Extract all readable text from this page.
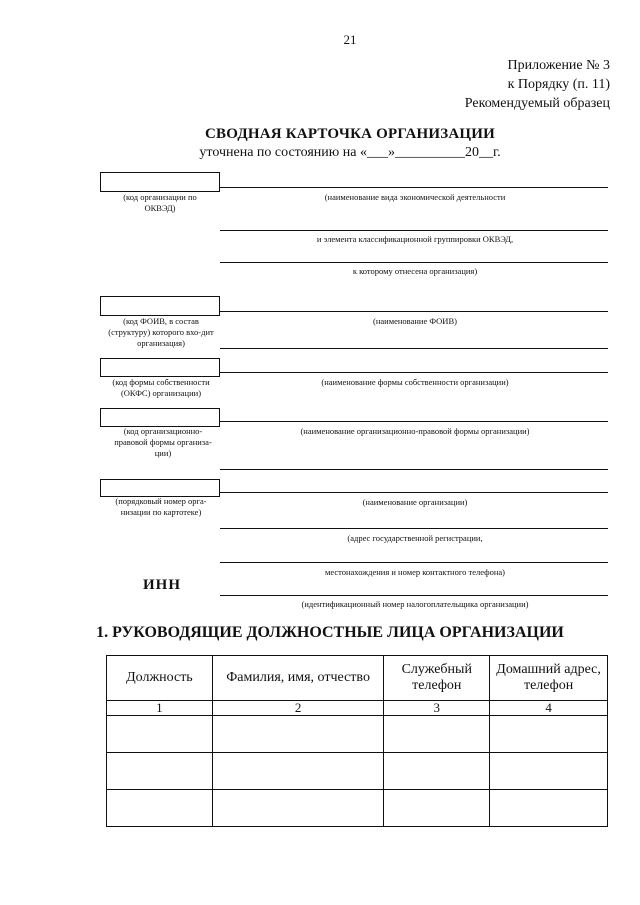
21
Приложение № 3
к Порядку (п. 11)
Рекомендуемый образец
СВОДНАЯ КАРТОЧКА ОРГАНИЗАЦИИ
уточнена по состоянию на «___»__________20__г.
(код организации по ОКВЭД)
(наименование вида экономической деятельности
и элемента классификационной группировки ОКВЭД,
к которому отнесена организация)
(код ФОИВ, в состав (структуру) которого вхо-дит организация)
(наименование ФОИВ)
(код формы собственности (ОКФС) организации)
(наименование формы собственности организации)
(код организационно-правовой формы организа-ции)
(наименование организационно-правовой формы организации)
(порядковый номер орга-низации по картотеке)
(наименование организации)
(адрес государственной регистрации,
местонахождения и номер контактного телефона)
ИНН
(идентификационный номер налогоплательщика организации)
1. РУКОВОДЯЩИЕ ДОЛЖНОСТНЫЕ ЛИЦА ОРГАНИЗАЦИИ
Должность	Фамилия, имя, отчество	Служебный телефон	Домашний адрес, телефон
1	2	3	4
